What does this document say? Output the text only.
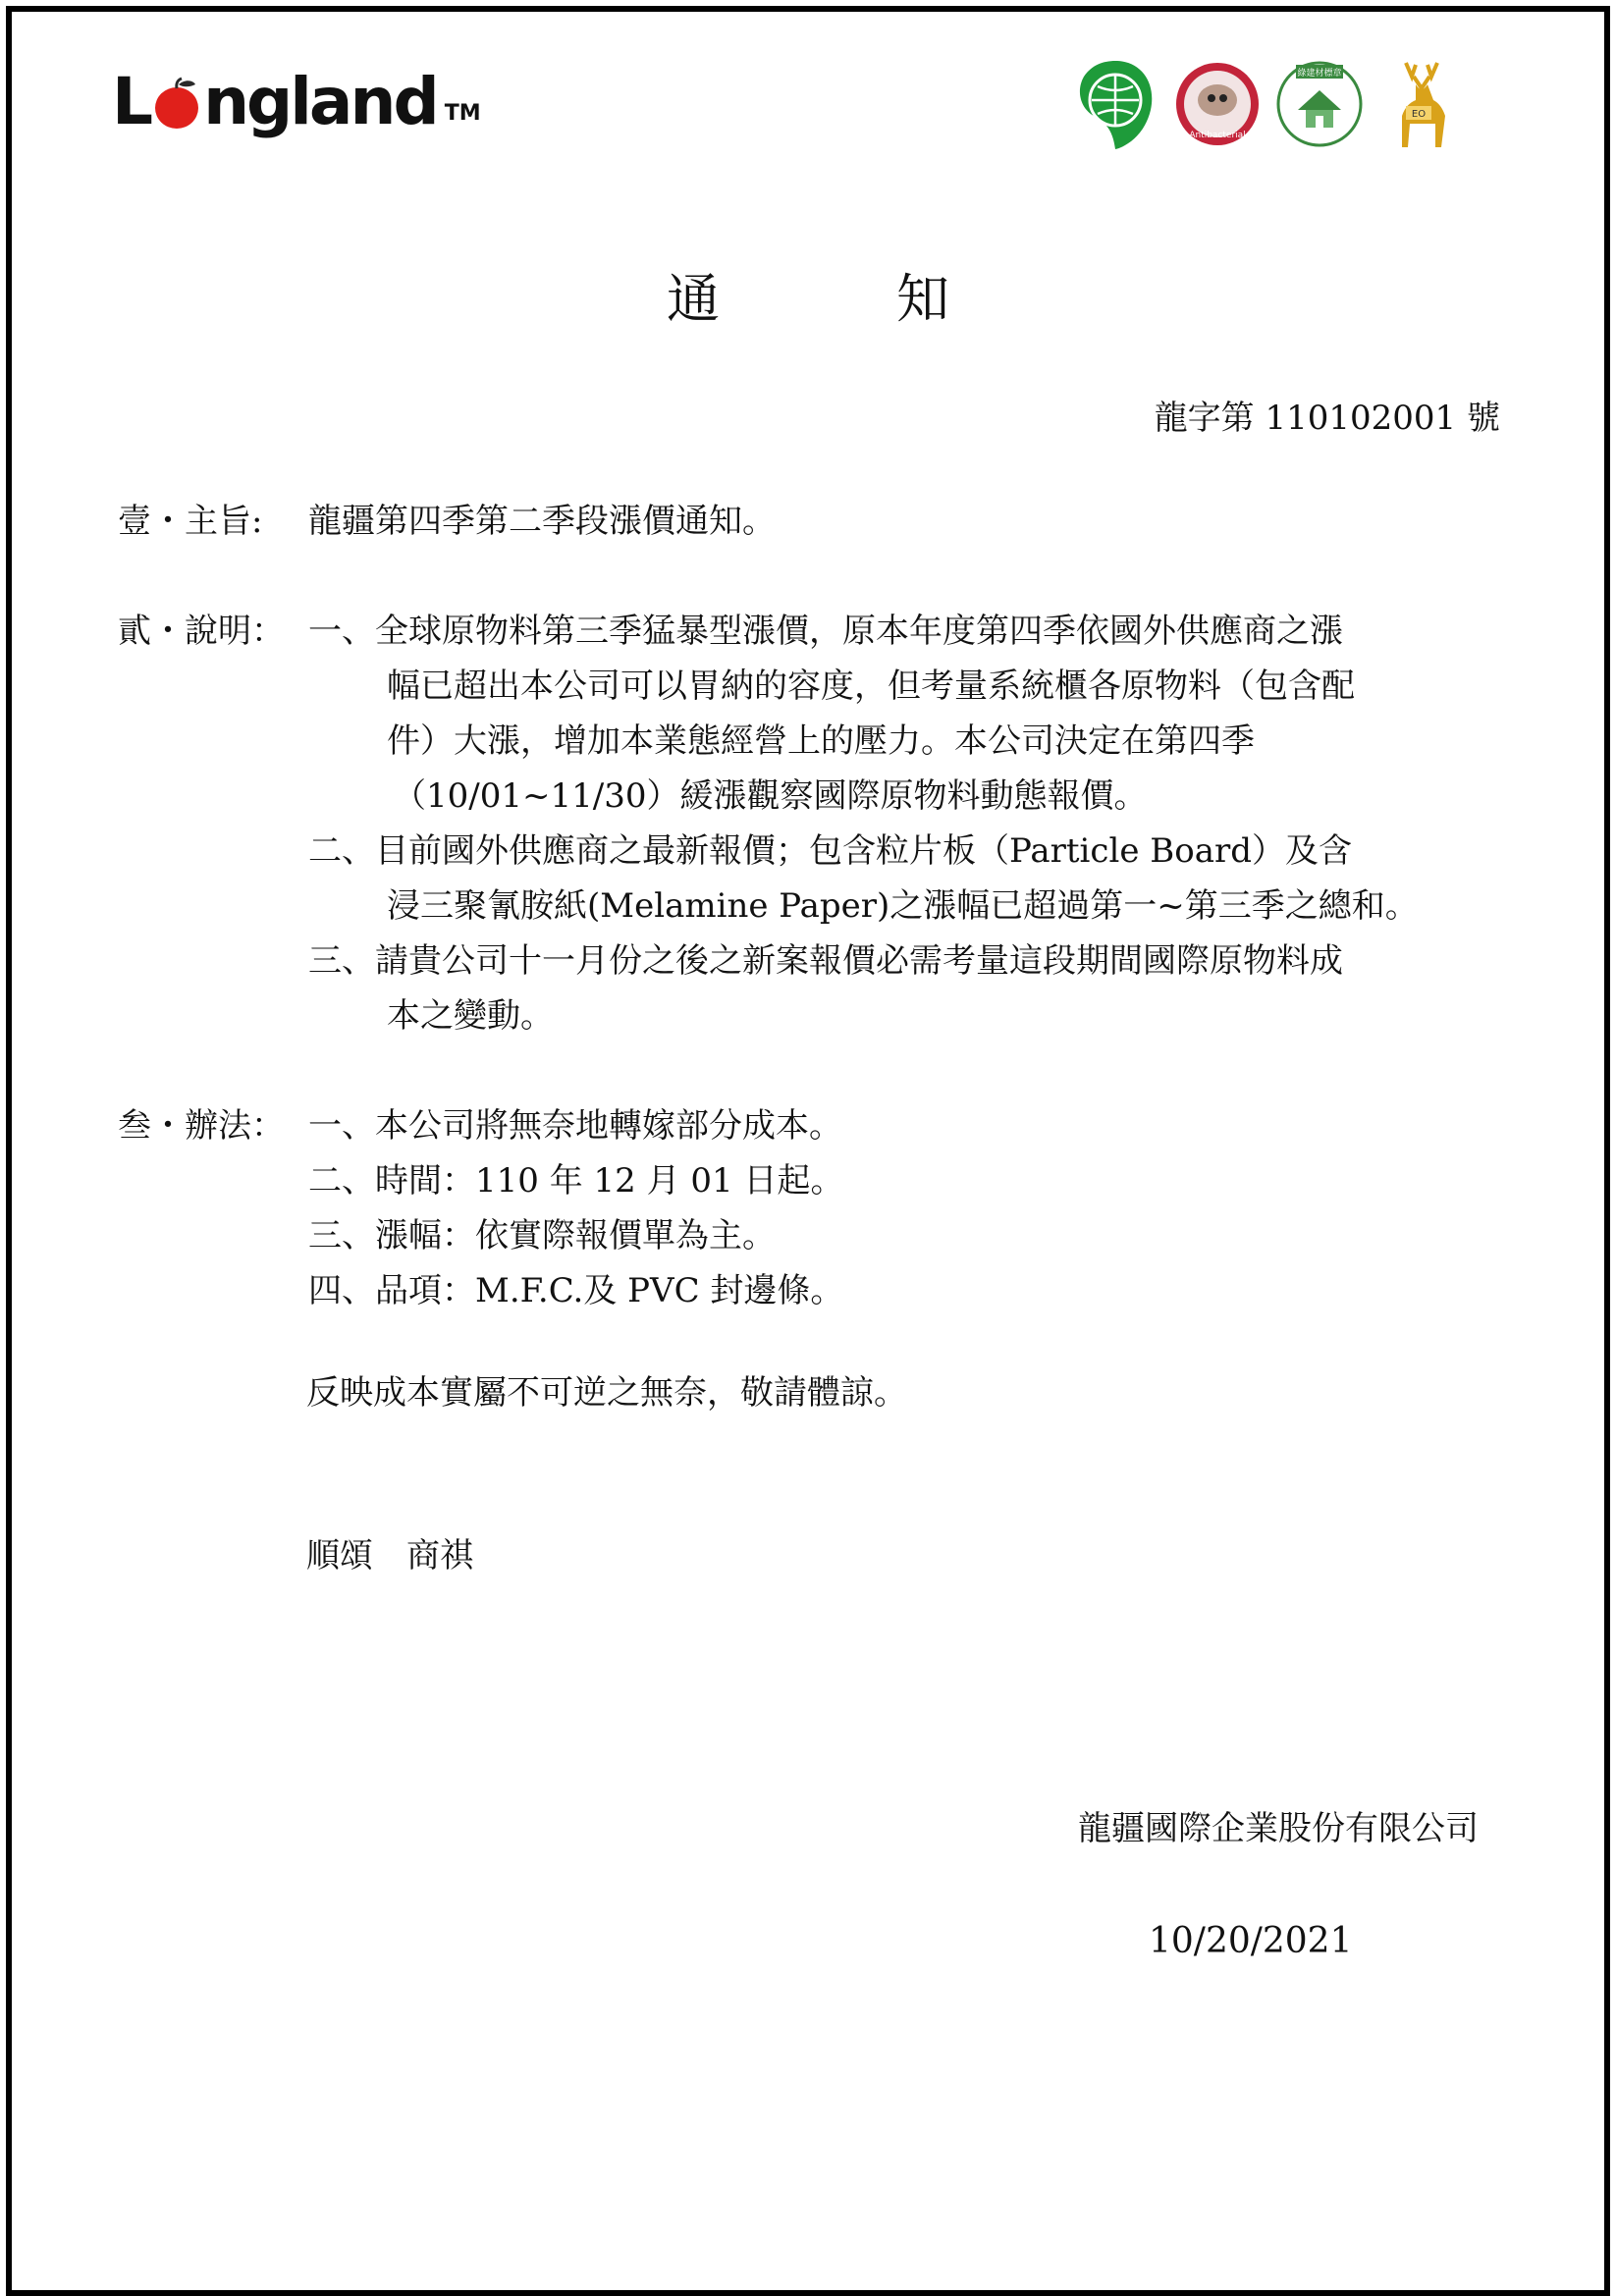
L ngland TM
Antibacterial
綠建材標章
EO
通	知
龍字第 110102001 號
壹・主旨: 龍疆第四季第二季段漲價通知。
貳・說明： 一、全球原物料第三季猛暴型漲價，原本年度第四季依國外供應商之漲
幅已超出本公司可以胃納的容度，但考量系統櫃各原物料（包含配
件）大漲，增加本業態經營上的壓力。本公司決定在第四季
（10/01~11/30）緩漲觀察國際原物料動態報價。
二、目前國外供應商之最新報價；包含粒片板（Particle Board）及含
浸三聚氰胺紙(Melamine Paper)之漲幅已超過第一~第三季之總和。
三、請貴公司十一月份之後之新案報價必需考量這段期間國際原物料成
本之變動。
叁・辦法： 一、本公司將無奈地轉嫁部分成本。
二、時間：110 年 12 月 01 日起。
三、漲幅：依實際報價單為主。
四、品項：M.F.C.及 PVC 封邊條。
反映成本實屬不可逆之無奈，敬請體諒。
順頌　商祺
龍疆國際企業股份有限公司
10/20/2021
